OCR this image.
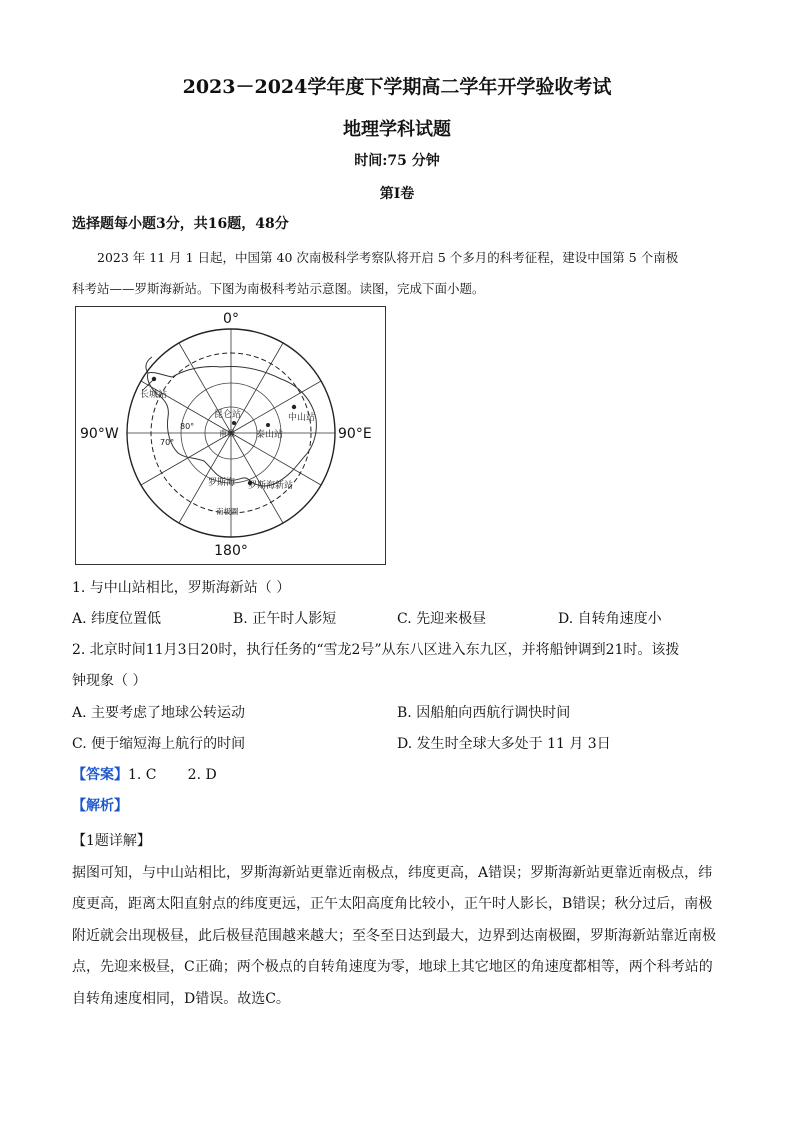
2023－2024学年度下学期高二学年开学验收考试
地理学科试题
时间:75 分钟
第Ⅰ卷
选择题每小题3分，共16题，48分

2023 年 11 月 1 日起，中国第 40 次南极科学考察队将开启 5 个多月的科考征程，建设中国第 5 个南极

科考站——罗斯海新站。下图为南极科考站示意图。读图，完成下面小题。

0°
180°
90°W	90°E
80°
70°
长城站
昆仑站	中山站
泰山站
南极
罗斯海 罗斯海新站
南极圈
1. 与中山站相比，罗斯海新站（ ）
A. 纬度位置低	B. 正午时人影短	C. 先迎来极昼	D. 自转角速度小
2. 北京时间11月3日20时，执行任务的“雪龙2号”从东八区进入东九区，并将船钟调到21时。该拨
钟现象（ ）
A. 主要考虑了地球公转运动	B. 因船舶向西航行调快时间
C. 便于缩短海上航行的时间	D. 发生时全球大多处于 11 月 3日
【答案】1. C       2. D
【解析】

【1题详解】

据图可知，与中山站相比，罗斯海新站更靠近南极点，纬度更高，A错误；罗斯海新站更靠近南极点，纬

度更高，距离太阳直射点的纬度更远，正午太阳高度角比较小，正午时人影长，B错误；秋分过后，南极

附近就会出现极昼，此后极昼范围越来越大；至冬至日达到最大，边界到达南极圈，罗斯海新站靠近南极

点，先迎来极昼，C正确；两个极点的自转角速度为零，地球上其它地区的角速度都相等，两个科考站的

自转角速度相同，D错误。故选C。
